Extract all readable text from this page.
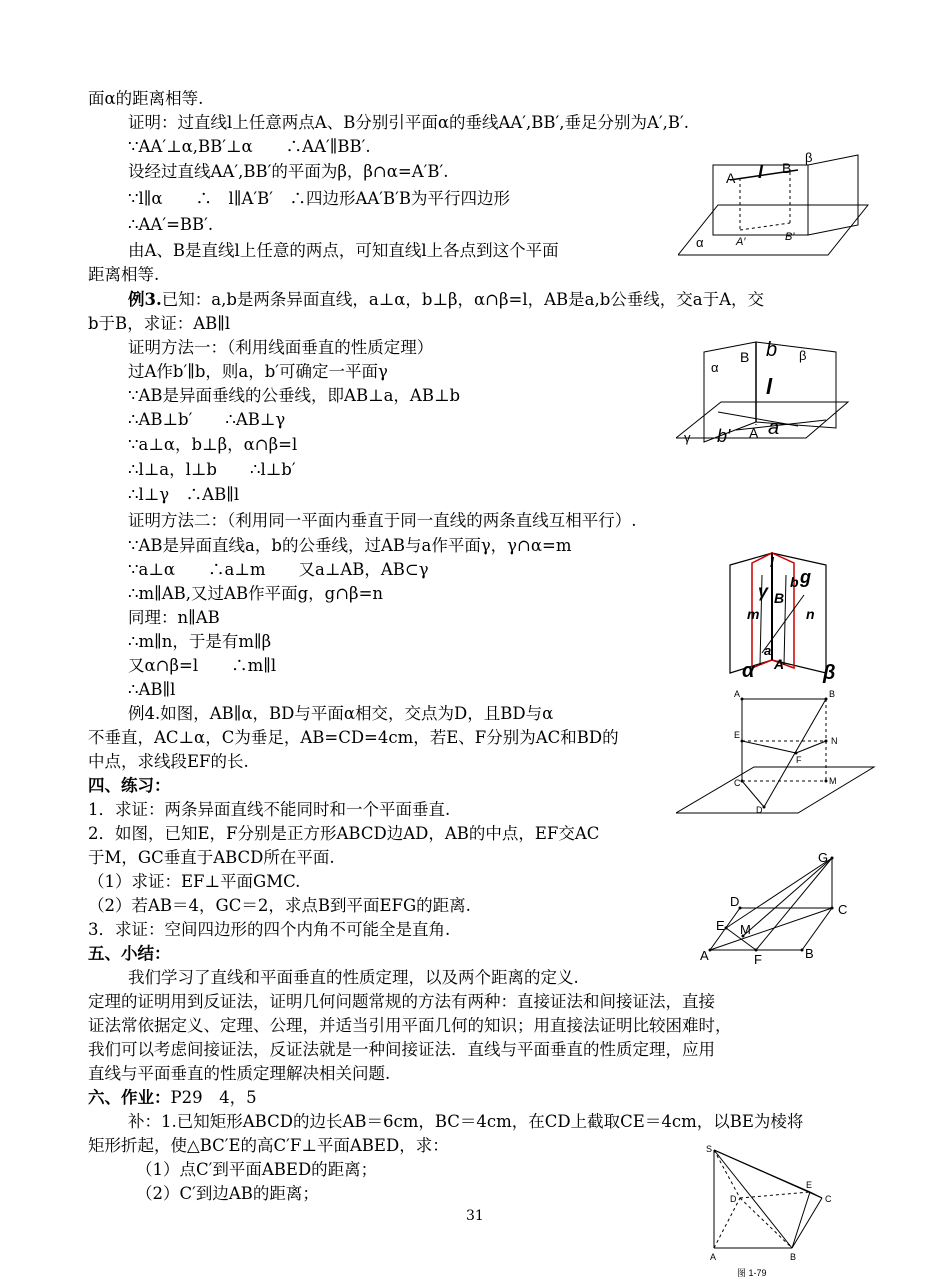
面α的距离相等.
证明：过直线l上任意两点A、B分别引平面α的垂线AA′,BB′,垂足分别为A′,B′.
∵AA′⊥α,BB′⊥α　　∴AA′∥BB′.
设经过直线AA′,BB′的平面为β，β∩α=A′B′.
∵l∥α　　∴　l∥A′B′　∴四边形AA′B′B为平行四边形
∴AA′=BB′.
由A、B是直线l上任意的两点，可知直线l上各点到这个平面
距离相等.
例3.已知：a,b是两条异面直线，a⊥α，b⊥β，α∩β=l，AB是a,b公垂线，交a于A，交
b于B，求证：AB∥l
证明方法一：（利用线面垂直的性质定理）
过A作b′∥b，则a，b′可确定一平面γ
∵AB是异面垂线的公垂线，即AB⊥a，AB⊥b
∴AB⊥b′　　∴AB⊥γ
∵a⊥α，b⊥β，α∩β=l
∴l⊥a，l⊥b　　∴l⊥b′
∴l⊥γ　∴AB∥l
证明方法二：（利用同一平面内垂直于同一直线的两条直线互相平行）.
∵AB是异面直线a，b的公垂线，过AB与a作平面γ，γ∩α=m
∵a⊥α　　∴a⊥m　　又a⊥AB，AB⊂γ
∴m∥AB,又过AB作平面g，g∩β=n
同理：n∥AB
∴m∥n，于是有m∥β
又α∩β=l　　∴m∥l
∴AB∥l
例4.如图，AB∥α，BD与平面α相交，交点为D，且BD与α
不垂直，AC⊥α，C为垂足，AB=CD=4cm，若E、F分别为AC和BD的
中点，求线段EF的长.
四、练习：
1．求证：两条异面直线不能同时和一个平面垂直.
2．如图，已知E，F分别是正方形ABCD边AD，AB的中点，EF交AC
于M，GC垂直于ABCD所在平面.
（1）求证：EF⊥平面GMC.
（2）若AB＝4，GC＝2，求点B到平面EFG的距离.
3．求证：空间四边形的四个内角不可能全是直角.
五、小结：
我们学习了直线和平面垂直的性质定理，以及两个距离的定义.
定理的证明用到反证法，证明几何问题常规的方法有两种：直接证法和间接证法，直接
证法常依据定义、定理、公理，并适当引用平面几何的知识；用直接法证明比较困难时，
我们可以考虑间接证法，反证法就是一种间接证法．直线与平面垂直的性质定理，应用
直线与平面垂直的性质定理解决相关问题.
六、作业：P29　4，5
补：1.已知矩形ABCD的边长AB＝6cm，BC＝4cm，在CD上截取CE＝4cm，以BE为棱将
矩形折起，使△BC′E的高C′F⊥平面ABED，求：
（1）点C′到平面ABED的距离；
（2）C′到边AB的距离；
31
A
B
l
β
α	A′	B′
B b β
α
l
γ b′ A a
l
γ b g
B
m	n
a
α A β
A	B
E
N
F
C	M
D
G
D
C
E M
A	F	B
S
E
C
D
A	B
图 1-79
